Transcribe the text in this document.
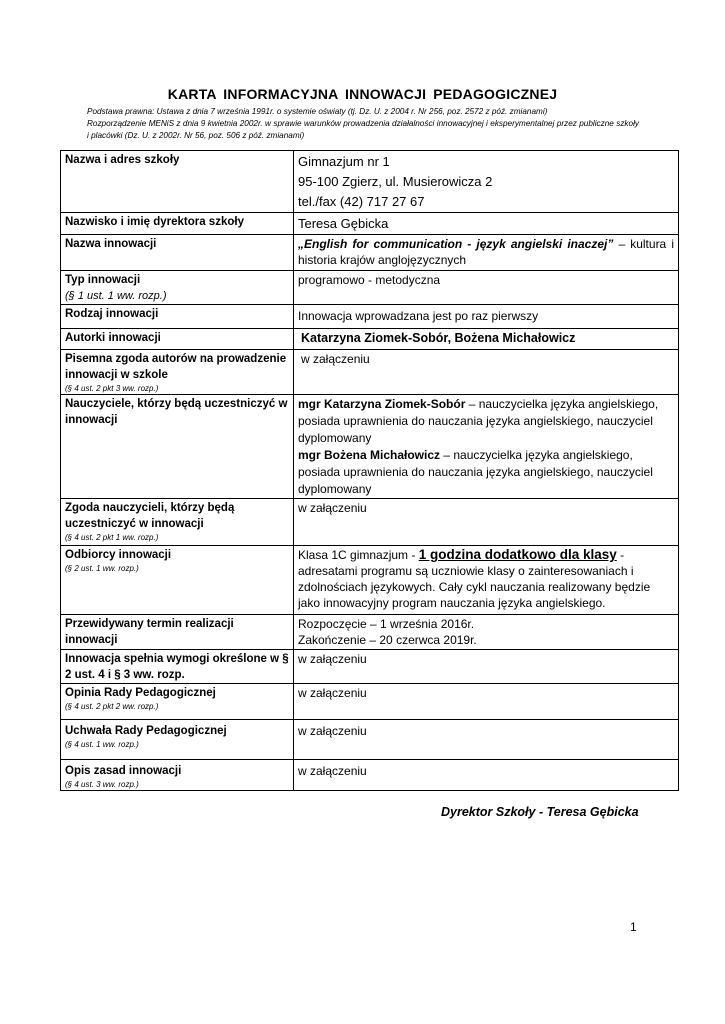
KARTA INFORMACYJNA INNOWACJI PEDAGOGICZNEJ

Podstawa prawna: Ustawa z dnia 7 września 1991r. o systemie oświaty (tj. Dz. U. z 2004 r. Nr 256, poz. 2572 z póź. zmianami)

Rozporządzenie MENiS z dnia 9 kwietnia 2002r. w sprawie warunków prowadzenia działalności innowacyjnej i eksperymentalnej przez publiczne szkoły i placówki (Dz. U. z 2002r. Nr 56, poz. 506 z póź. zmianami)

Nazwa i adres szkoły	Gimnazjum nr 1
95-100 Zgierz, ul. Musierowicza 2
tel./fax (42) 717 27 67

Nazwisko i imię dyrektora szkoły	Teresa Gębicka
Nazwa innowacji	„English for communication - język angielski inaczej” – kultura i historia krajów anglojęzycznych
Typ innowacji
(§ 1 ust. 1 ww. rozp.)	programowo - metodyczna
Rodzaj innowacji	Innowacja wprowadzana jest po raz pierwszy
Autorki innowacji	Katarzyna Ziomek-Sobór, Bożena Michałowicz
Pisemna zgoda autorów na prowadzenie innowacji w szkole
(§ 4 ust. 2 pkt 3 ww. rozp.)	w załączeniu
Nauczyciele, którzy będą uczestniczyć w innowacji	mgr Katarzyna Ziomek-Sobór – nauczycielka języka angielskiego, posiada uprawnienia do nauczania języka angielskiego, nauczyciel dyplomowany
mgr Bożena Michałowicz – nauczycielka języka angielskiego, posiada uprawnienia do nauczania języka angielskiego, nauczyciel dyplomowany

Zgoda nauczycieli, którzy będą uczestniczyć w innowacji
(§ 4 ust. 2 pkt 1 ww. rozp.)	w załączeniu
Odbiorcy innowacji
(§ 2 ust. 1 ww. rozp.)	Klasa 1C gimnazjum - 1 godzina dodatkowo dla klasy - adresatami programu są uczniowie klasy o zainteresowaniach i zdolnościach językowych. Cały cykl nauczania realizowany będzie jako innowacyjny program nauczania języka angielskiego.
Przewidywany termin realizacji innowacji	Rozpoczęcie – 1 września 2016r.
Zakończenie – 20 czerwca 2019r.

Innowacja spełnia wymogi określone w § 2 ust. 4 i § 3 ww. rozp.	w załączeniu
Opinia Rady Pedagogicznej
(§ 4 ust. 2 pkt 2 ww. rozp.)	w załączeniu
Uchwała Rady Pedagogicznej
(§ 4 ust. 1 ww. rozp.)	w załączeniu
Opis zasad innowacji
(§ 4 ust. 3 ww. rozp.)	w załączeniu
Dyrektor Szkoły - Teresa Gębicka
1
